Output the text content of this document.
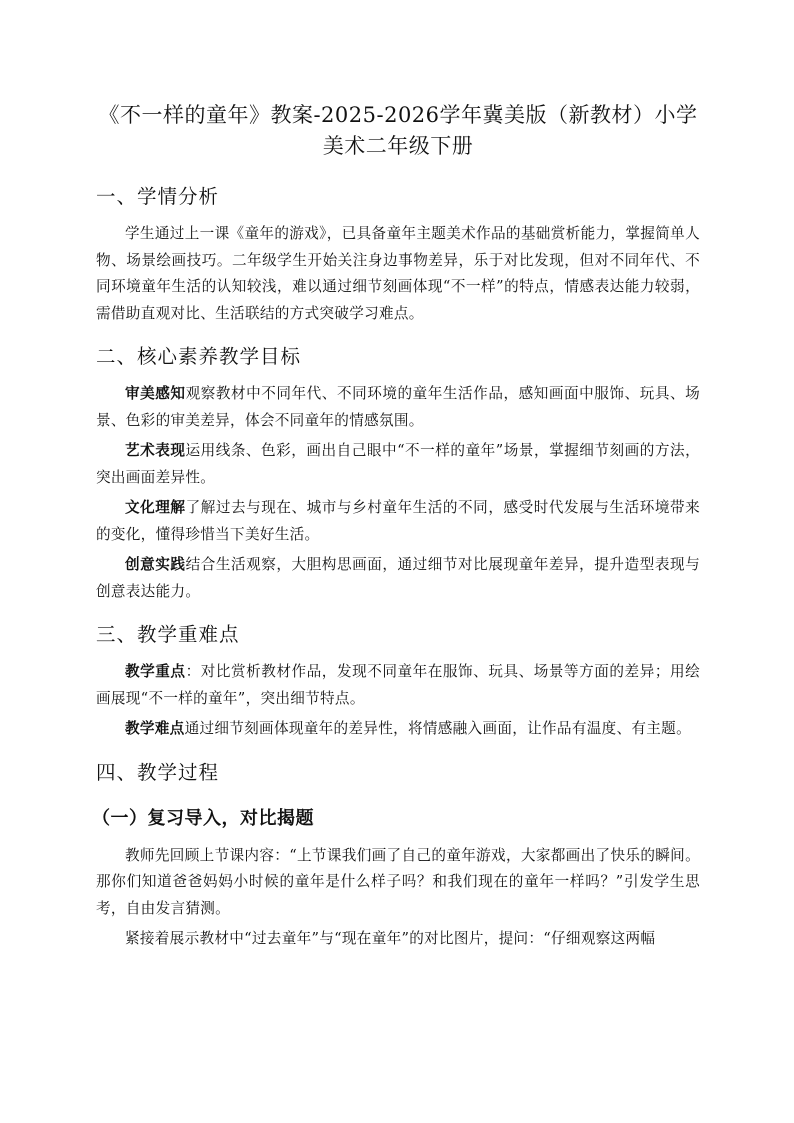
《不一样的童年》教案-2025-2026学年冀美版（新教材）小学美术二年级下册
一、学情分析

学生通过上一课《童年的游戏》，已具备童年主题美术作品的基础赏析能力，掌握简单人物、场景绘画技巧。二年级学生开始关注身边事物差异，乐于对比发现，但对不同年代、不同环境童年生活的认知较浅，难以通过细节刻画体现“不一样”的特点，情感表达能力较弱，需借助直观对比、生活联结的方式突破学习难点。

二、核心素养教学目标

审美感知观察教材中不同年代、不同环境的童年生活作品，感知画面中服饰、玩具、场景、色彩的审美差异，体会不同童年的情感氛围。

艺术表现运用线条、色彩，画出自己眼中“不一样的童年”场景，掌握细节刻画的方法，突出画面差异性。

文化理解了解过去与现在、城市与乡村童年生活的不同，感受时代发展与生活环境带来的变化，懂得珍惜当下美好生活。

创意实践结合生活观察，大胆构思画面，通过细节对比展现童年差异，提升造型表现与创意表达能力。

三、教学重难点

教学重点：对比赏析教材作品，发现不同童年在服饰、玩具、场景等方面的差异；用绘画展现“不一样的童年”，突出细节特点。

教学难点通过细节刻画体现童年的差异性，将情感融入画面，让作品有温度、有主题。

四、教学过程
（一）复习导入，对比揭题

教师先回顾上节课内容：“上节课我们画了自己的童年游戏，大家都画出了快乐的瞬间。那你们知道爸爸妈妈小时候的童年是什么样子吗？和我们现在的童年一样吗？”引发学生思考，自由发言猜测。

紧接着展示教材中“过去童年”与“现在童年”的对比图片，提问：“仔细观察这两幅
